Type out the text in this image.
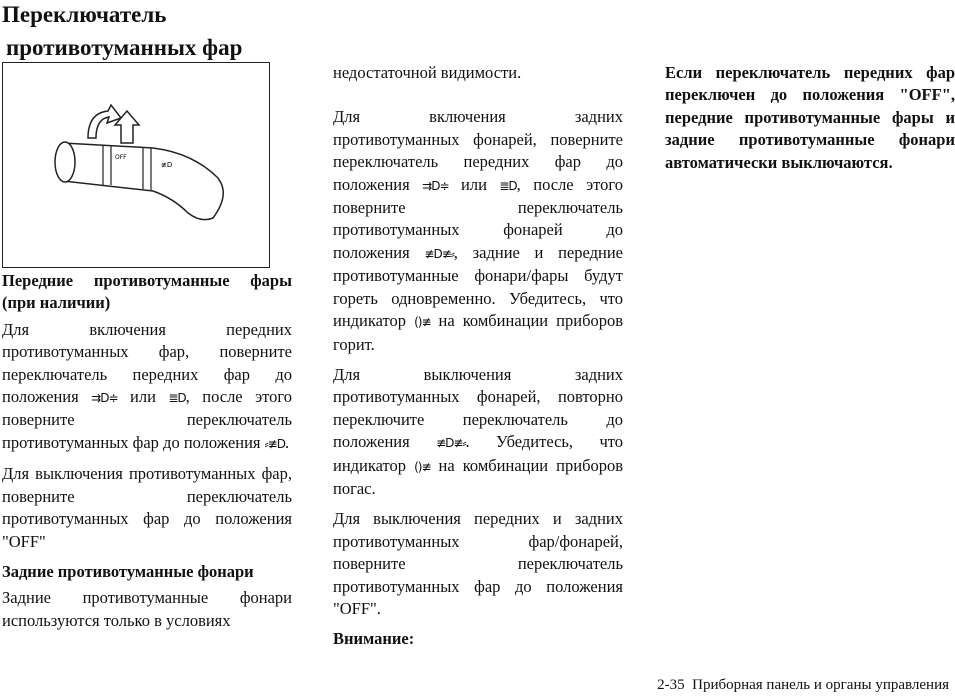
Переключатель
противотуманных фар
OFF
≢D
Передние противотуманные фары (при наличии)

Для включения передних противотуманных фар, поверните переключатель передних фар до положения ⇉D≑ или ≣D, после этого поверните переключатель противотуманных фар до положения ⸗≢D.

Для выключения противотуманных фар, поверните переключатель противотуманных фар до положения "OFF"

Задние противотуманные фонари

Задние противотуманные фонари используются только в условиях

недостаточной видимости.

Для включения задних противотуманных фонарей, поверните переключатель передних фар до положения ⇉D≑ или ≣D, после этого поверните переключатель противотуманных фонарей до положения ≢D≢⸗, задние и передние противотуманные фонари/фары будут гореть одновременно. Убедитесь, что индикатор ()≢ на комбинации приборов горит.

Для выключения задних противотуманных фонарей, повторно переключите переключатель до положения ≢D≢⸗. Убедитесь, что индикатор ()≢ на комбинации приборов погас.

Для выключения передних и задних противотуманных фар/фонарей, поверните переключатель противотуманных фар до положения "OFF".

Внимание:

Если переключатель передних фар переключен до положения "OFF", передние противотуманные фары и задние противотуманные фонари автоматически выключаются.

2-35 Приборная панель и органы управления
